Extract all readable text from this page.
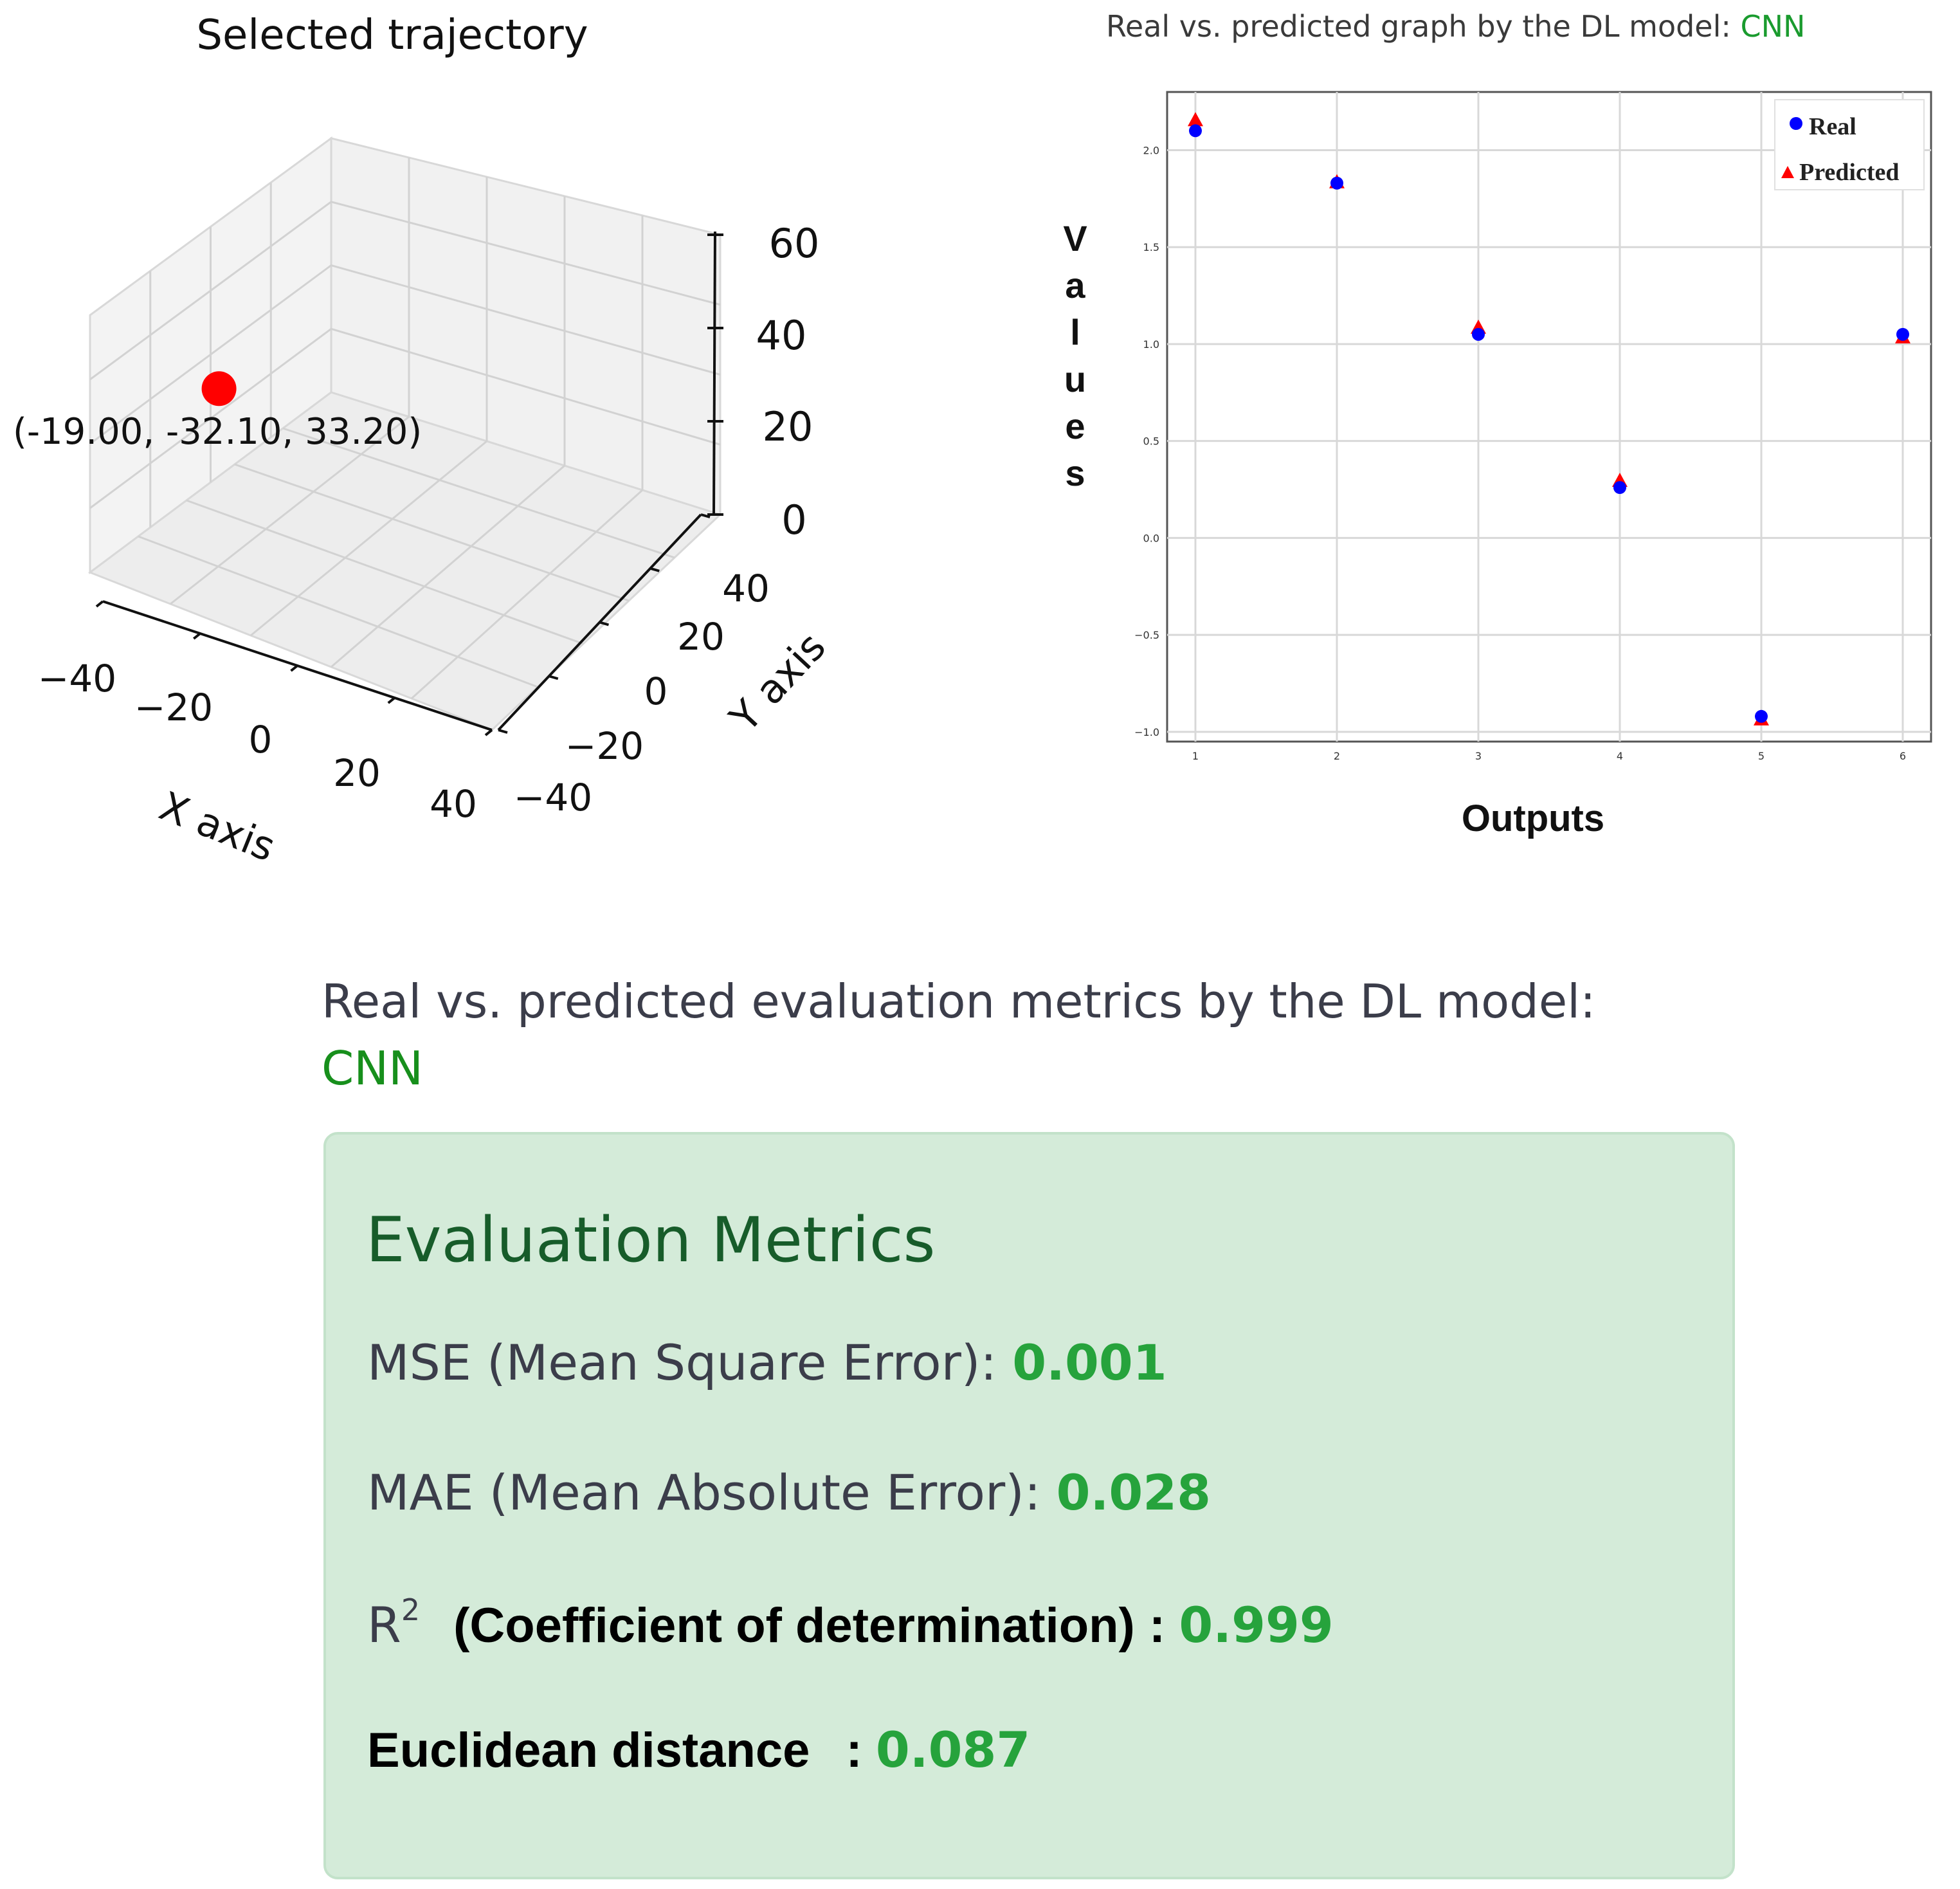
−40
−20
0
20
40 −40
−20
0
20
40
0
20
40
60
X axis
Y axis
(-19.00, -32.10, 33.20)
Selected trajectory	Real vs. predicted graph by the DL model: CNN
1	2	3	4	5	6
−1.0
−0.5
0.0
0.5
1.0
1.5
2.0
Real
Predicted
V a l u e s
Outputs
Real vs. predicted evaluation metrics by the DL model:
CNN
Evaluation Metrics
MSE (Mean Square Error): 0.001
MAE (Mean Absolute Error): 0.028
$R^2$ (Coefficient of determination) : 0.999
Euclidean distance : 0.087
